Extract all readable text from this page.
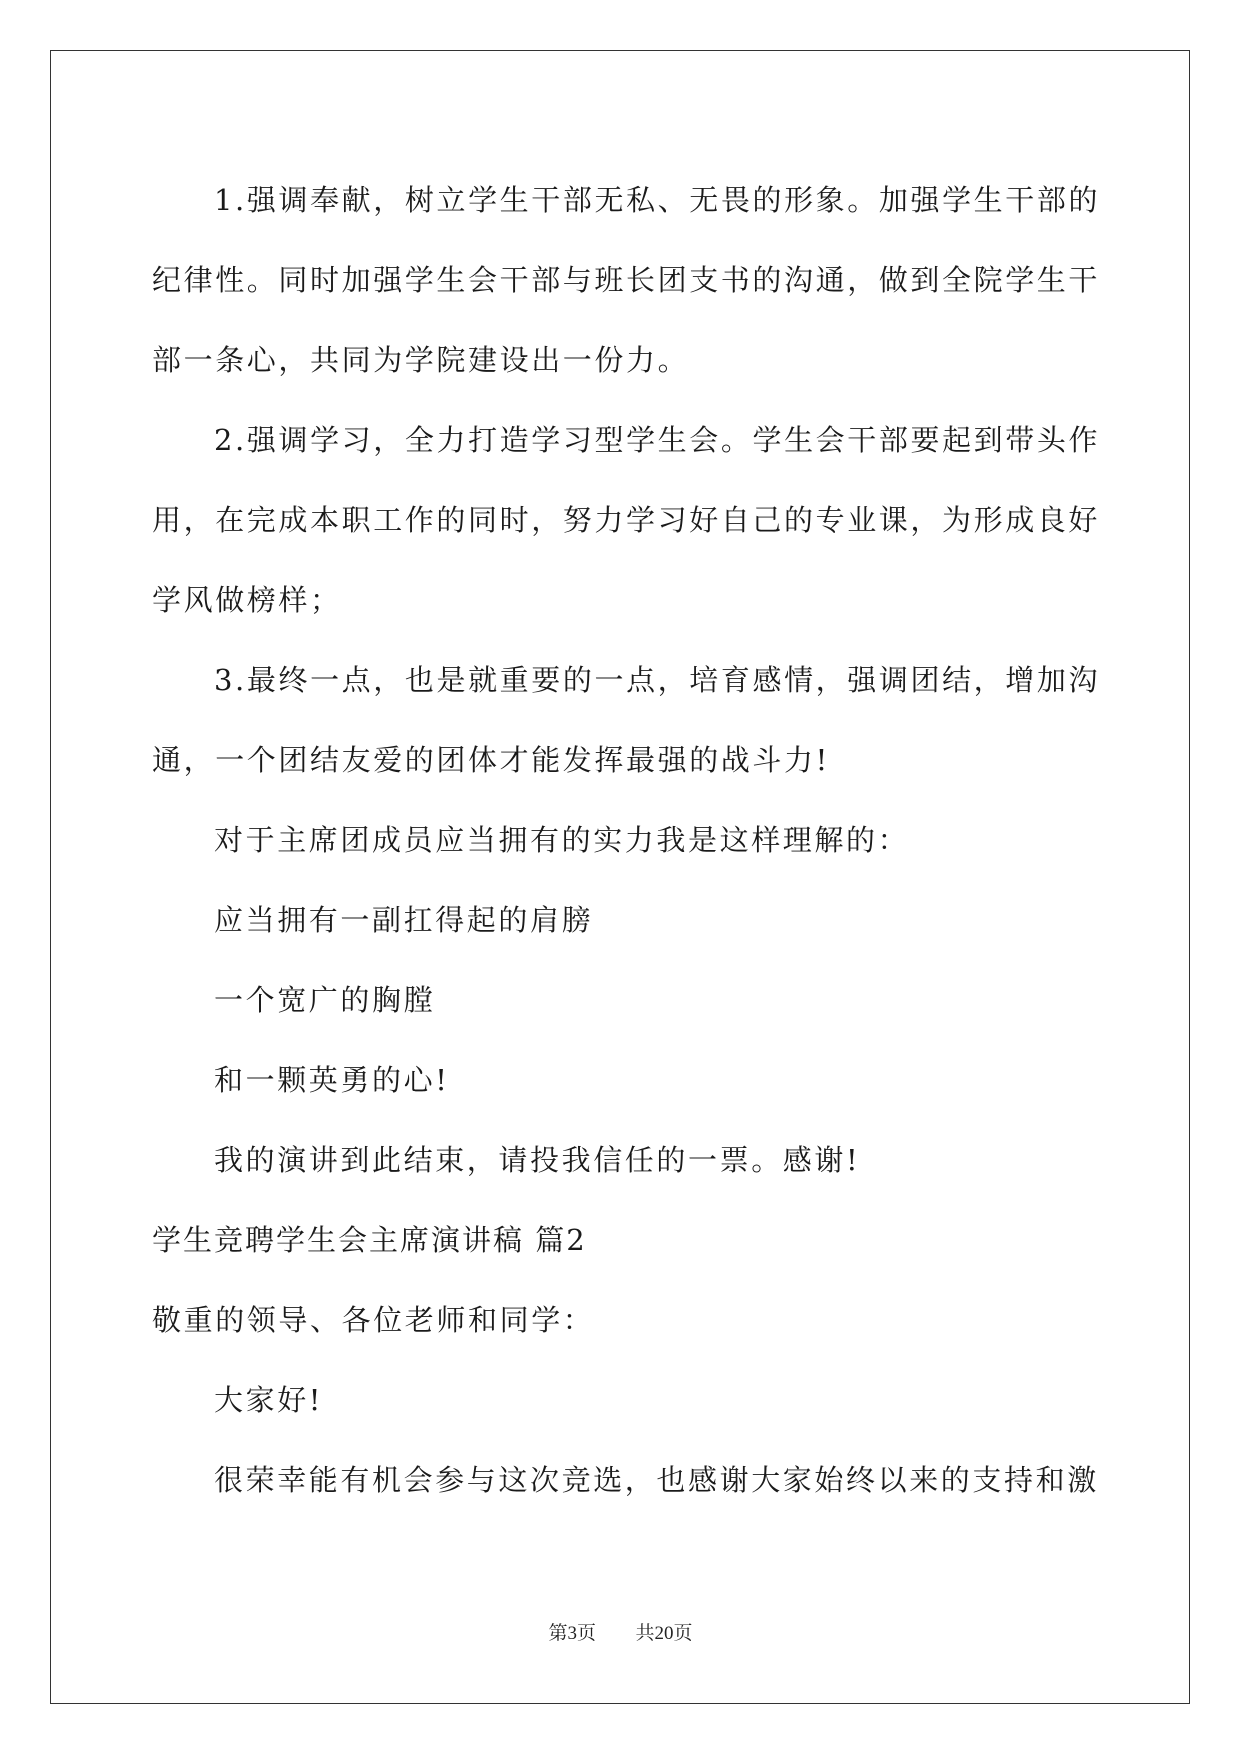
1.强调奉献，树立学生干部无私、无畏的形象。加强学生干部的
纪律性。同时加强学生会干部与班长团支书的沟通，做到全院学生干
部一条心，共同为学院建设出一份力。
2.强调学习，全力打造学习型学生会。学生会干部要起到带头作
用，在完成本职工作的同时，努力学习好自己的专业课，为形成良好
学风做榜样；
3.最终一点，也是就重要的一点，培育感情，强调团结，增加沟
通，一个团结友爱的团体才能发挥最强的战斗力!
对于主席团成员应当拥有的实力我是这样理解的：
应当拥有一副扛得起的肩膀
一个宽广的胸膛
和一颗英勇的心!
我的演讲到此结束，请投我信任的一票。感谢!
学生竞聘学生会主席演讲稿 篇2
敬重的领导、各位老师和同学：
大家好!
很荣幸能有机会参与这次竞选，也感谢大家始终以来的支持和激
第3页 共20页
